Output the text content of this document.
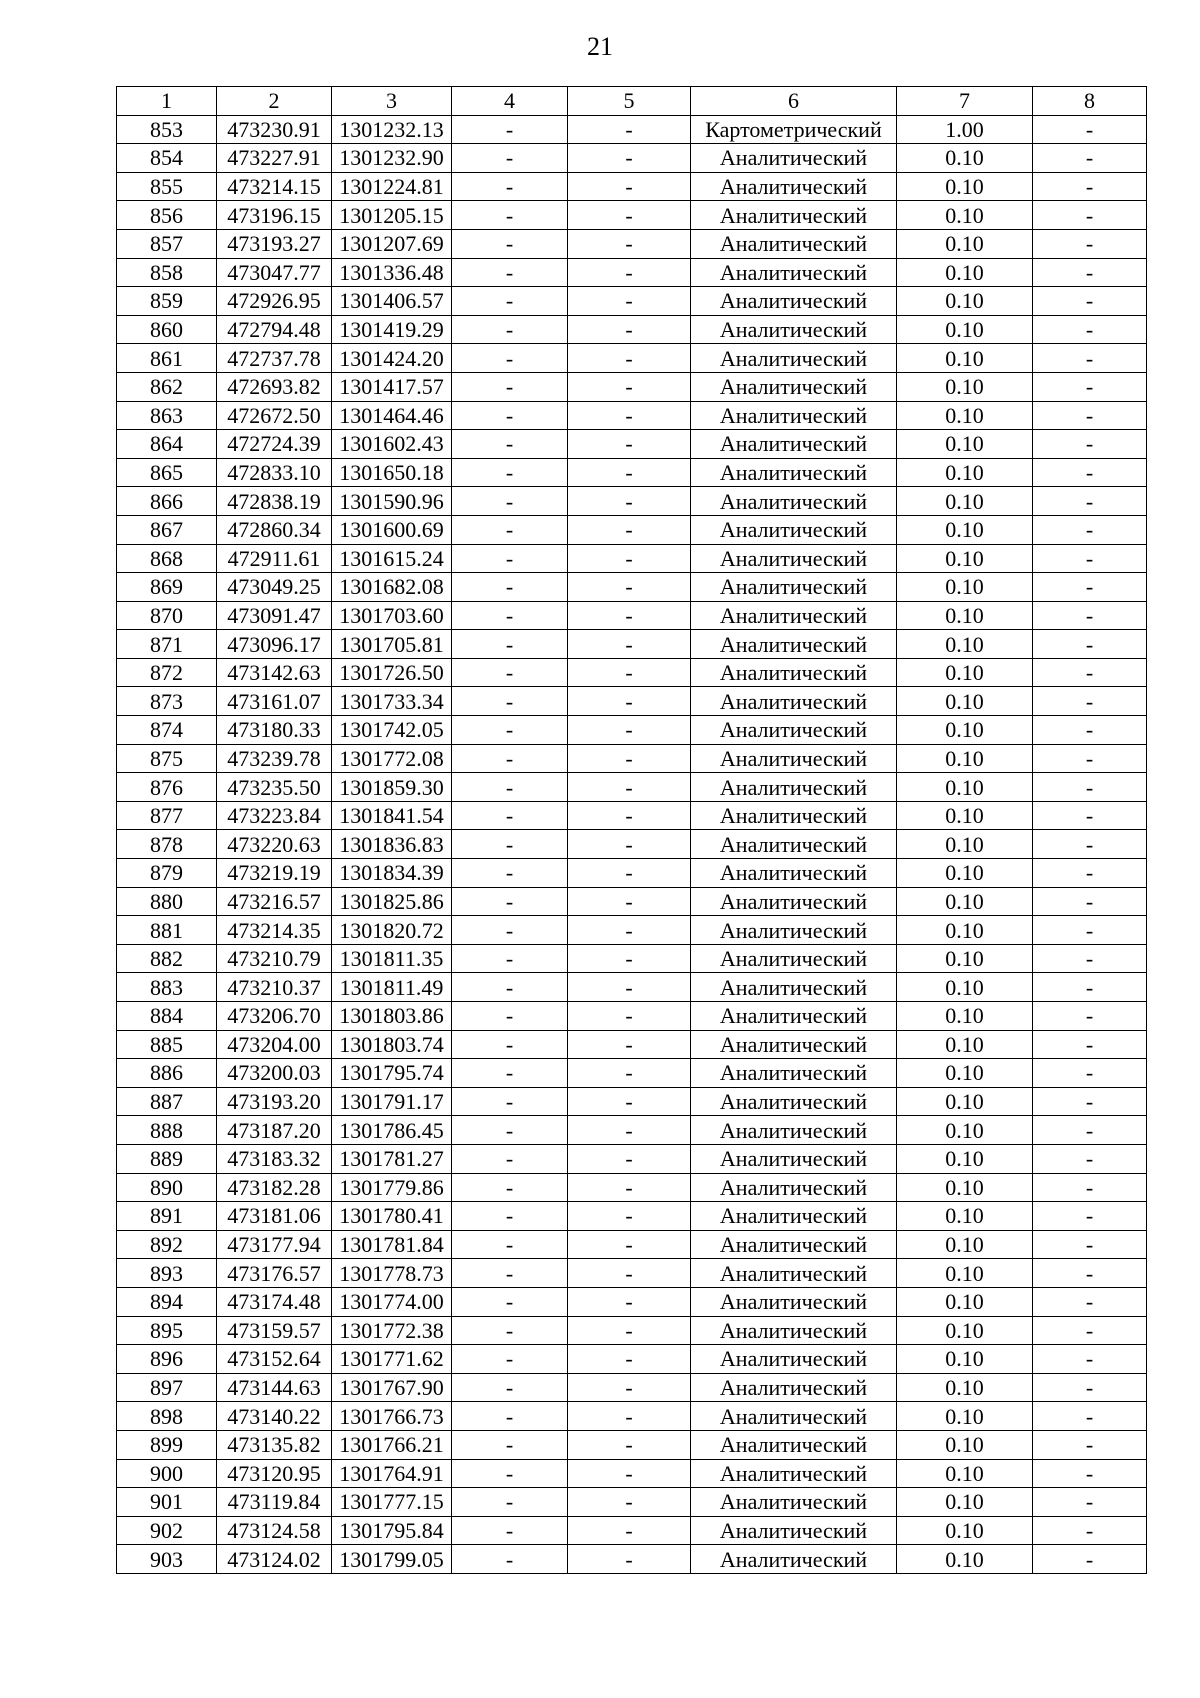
21
1	2	3	4	5	6	7	8
853	473230.91	1301232.13	-	-	Картометрический	1.00	-
854	473227.91	1301232.90	-	-	Аналитический	0.10	-
855	473214.15	1301224.81	-	-	Аналитический	0.10	-
856	473196.15	1301205.15	-	-	Аналитический	0.10	-
857	473193.27	1301207.69	-	-	Аналитический	0.10	-
858	473047.77	1301336.48	-	-	Аналитический	0.10	-
859	472926.95	1301406.57	-	-	Аналитический	0.10	-
860	472794.48	1301419.29	-	-	Аналитический	0.10	-
861	472737.78	1301424.20	-	-	Аналитический	0.10	-
862	472693.82	1301417.57	-	-	Аналитический	0.10	-
863	472672.50	1301464.46	-	-	Аналитический	0.10	-
864	472724.39	1301602.43	-	-	Аналитический	0.10	-
865	472833.10	1301650.18	-	-	Аналитический	0.10	-
866	472838.19	1301590.96	-	-	Аналитический	0.10	-
867	472860.34	1301600.69	-	-	Аналитический	0.10	-
868	472911.61	1301615.24	-	-	Аналитический	0.10	-
869	473049.25	1301682.08	-	-	Аналитический	0.10	-
870	473091.47	1301703.60	-	-	Аналитический	0.10	-
871	473096.17	1301705.81	-	-	Аналитический	0.10	-
872	473142.63	1301726.50	-	-	Аналитический	0.10	-
873	473161.07	1301733.34	-	-	Аналитический	0.10	-
874	473180.33	1301742.05	-	-	Аналитический	0.10	-
875	473239.78	1301772.08	-	-	Аналитический	0.10	-
876	473235.50	1301859.30	-	-	Аналитический	0.10	-
877	473223.84	1301841.54	-	-	Аналитический	0.10	-
878	473220.63	1301836.83	-	-	Аналитический	0.10	-
879	473219.19	1301834.39	-	-	Аналитический	0.10	-
880	473216.57	1301825.86	-	-	Аналитический	0.10	-
881	473214.35	1301820.72	-	-	Аналитический	0.10	-
882	473210.79	1301811.35	-	-	Аналитический	0.10	-
883	473210.37	1301811.49	-	-	Аналитический	0.10	-
884	473206.70	1301803.86	-	-	Аналитический	0.10	-
885	473204.00	1301803.74	-	-	Аналитический	0.10	-
886	473200.03	1301795.74	-	-	Аналитический	0.10	-
887	473193.20	1301791.17	-	-	Аналитический	0.10	-
888	473187.20	1301786.45	-	-	Аналитический	0.10	-
889	473183.32	1301781.27	-	-	Аналитический	0.10	-
890	473182.28	1301779.86	-	-	Аналитический	0.10	-
891	473181.06	1301780.41	-	-	Аналитический	0.10	-
892	473177.94	1301781.84	-	-	Аналитический	0.10	-
893	473176.57	1301778.73	-	-	Аналитический	0.10	-
894	473174.48	1301774.00	-	-	Аналитический	0.10	-
895	473159.57	1301772.38	-	-	Аналитический	0.10	-
896	473152.64	1301771.62	-	-	Аналитический	0.10	-
897	473144.63	1301767.90	-	-	Аналитический	0.10	-
898	473140.22	1301766.73	-	-	Аналитический	0.10	-
899	473135.82	1301766.21	-	-	Аналитический	0.10	-
900	473120.95	1301764.91	-	-	Аналитический	0.10	-
901	473119.84	1301777.15	-	-	Аналитический	0.10	-
902	473124.58	1301795.84	-	-	Аналитический	0.10	-
903	473124.02	1301799.05	-	-	Аналитический	0.10	-
